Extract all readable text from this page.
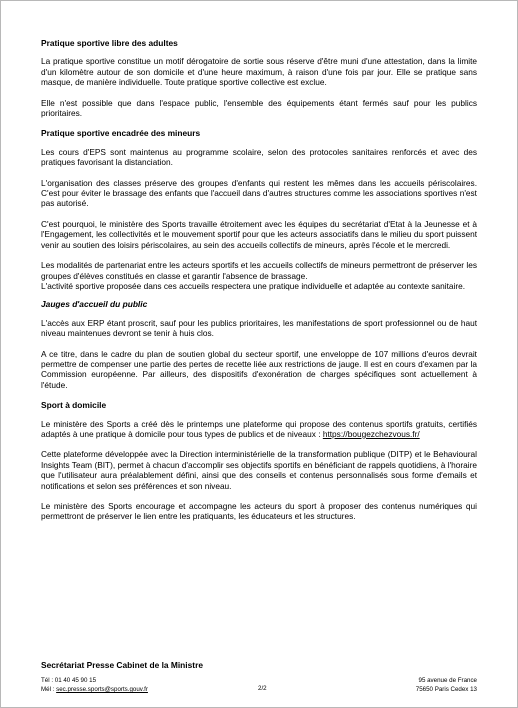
Pratique sportive libre des adultes

La pratique sportive constitue un motif dérogatoire de sortie sous réserve d'être muni d'une attestation, dans la limite d'un kilomètre autour de son domicile et d'une heure maximum, à raison d'une fois par jour. Elle se pratique sans masque, de manière individuelle. Toute pratique sportive collective est exclue.

Elle n'est possible que dans l'espace public, l'ensemble des équipements étant fermés sauf pour les publics prioritaires.

Pratique sportive encadrée des mineurs

Les cours d'EPS sont maintenus au programme scolaire, selon des protocoles sanitaires renforcés et avec des pratiques favorisant la distanciation.

L'organisation des classes préserve des groupes d'enfants qui restent les mêmes dans les accueils périscolaires. C'est pour éviter le brassage des enfants que l'accueil dans d'autres structures comme les associations sportives n'est pas autorisé.

C'est pourquoi, le ministère des Sports travaille étroitement avec les équipes du secrétariat d'Etat à la Jeunesse et à l'Engagement, les collectivités et le mouvement sportif pour que les acteurs associatifs dans le milieu du sport puissent venir au soutien des loisirs périscolaires, au sein des accueils collectifs de mineurs, après l'école et le mercredi.

Les modalités de partenariat entre les acteurs sportifs et les accueils collectifs de mineurs permettront de préserver les groupes d'élèves constitués en classe et garantir l'absence de brassage.

L'activité sportive proposée dans ces accueils respectera une pratique individuelle et adaptée au contexte sanitaire.

Jauges d'accueil du public

L'accès aux ERP étant proscrit, sauf pour les publics prioritaires, les manifestations de sport professionnel ou de haut niveau maintenues devront se tenir à huis clos.

A ce titre, dans le cadre du plan de soutien global du secteur sportif, une enveloppe de 107 millions d'euros devrait permettre de compenser une partie des pertes de recette liée aux restrictions de jauge. Il est en cours d'examen par la Commission européenne. Par ailleurs, des dispositifs d'exonération de charges spécifiques sont actuellement à l'étude.

Sport à domicile

Le ministère des Sports a créé dès le printemps une plateforme qui propose des contenus sportifs gratuits, certifiés adaptés à une pratique à domicile pour tous types de publics et de niveaux : https://bougezchezvous.fr/

Cette plateforme développée avec la Direction interministérielle de la transformation publique (DITP) et le Behavioural Insights Team (BIT), permet à chacun d'accomplir ses objectifs sportifs en bénéficiant de rappels quotidiens, à l'horaire que l'utilisateur aura préalablement défini, ainsi que des conseils et contenus personnalisés sous forme d'emails et notifications et selon ses préférences et son niveau.

Le ministère des Sports encourage et accompagne les acteurs du sport à proposer des contenus numériques qui permettront de préserver le lien entre les pratiquants, les éducateurs et les structures.

Secrétariat Presse Cabinet de la Ministre
Tél : 01 40 45 90 15
Mél : sec.presse.sports@sports.gouv.fr	2/2
95 avenue de France
75650 Paris Cedex 13
